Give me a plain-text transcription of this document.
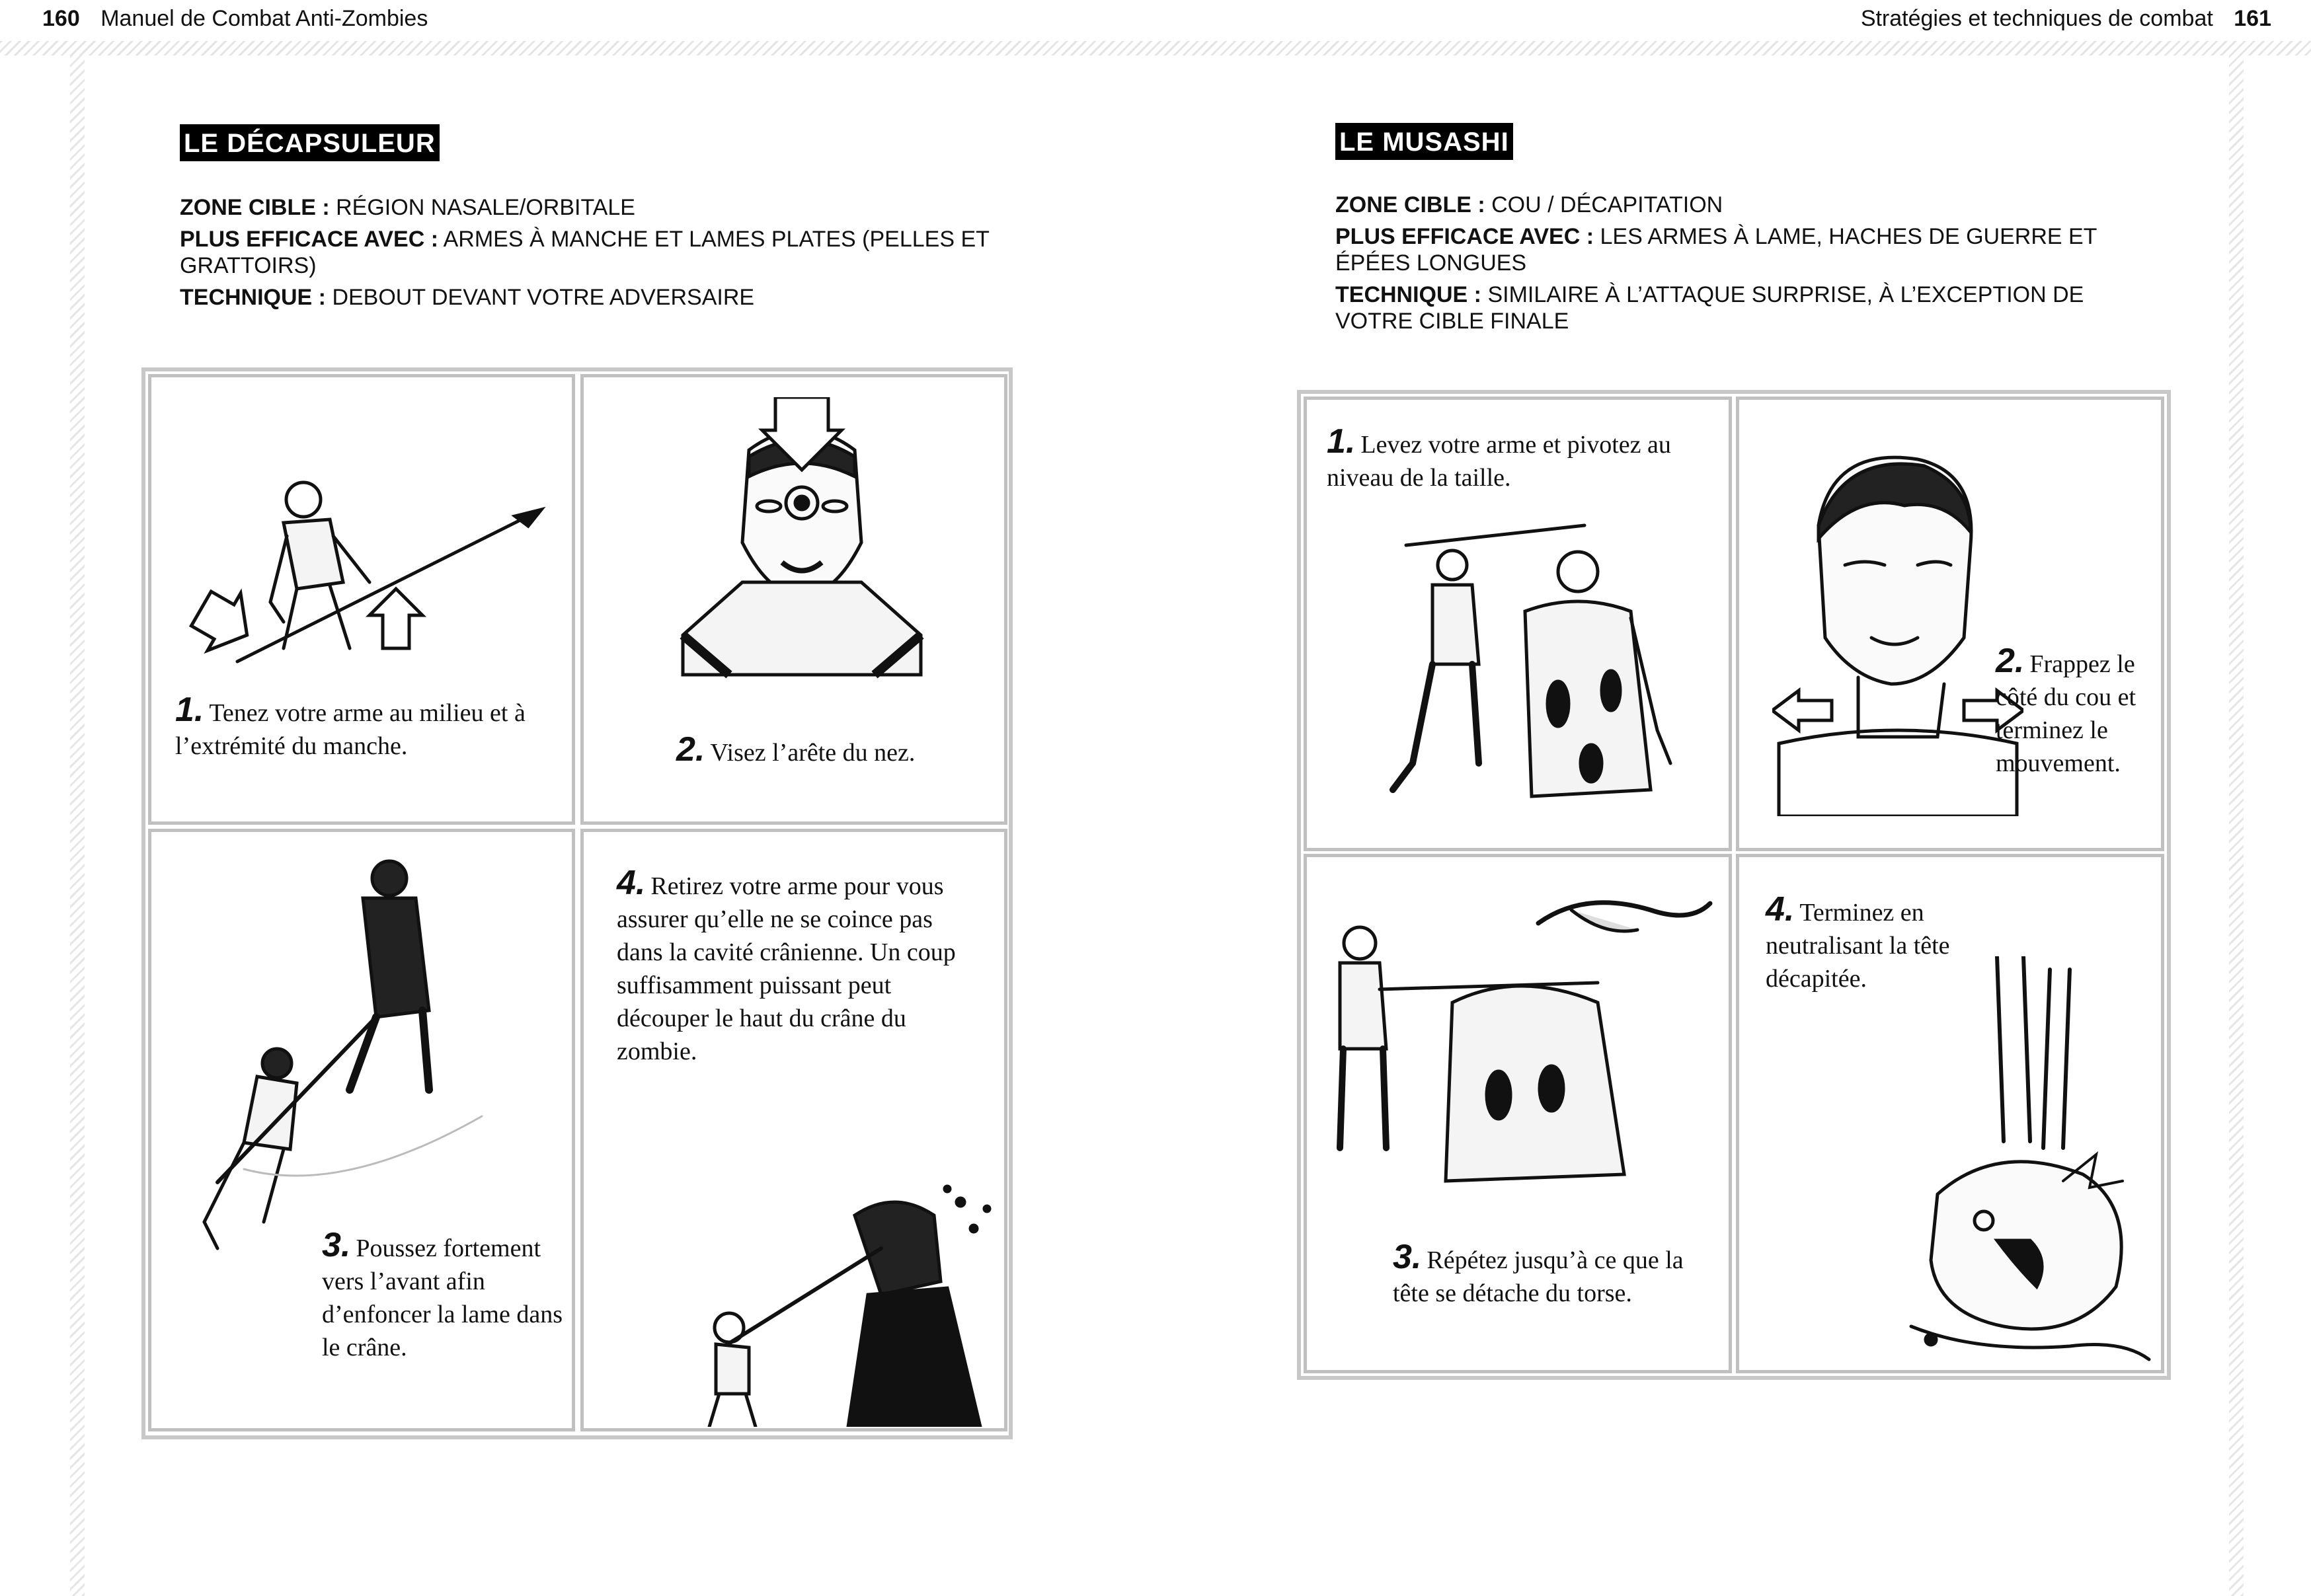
160 Manuel de Combat Anti-Zombies	Stratégies et techniques de combat 161
LE DÉCAPSULEUR

ZONE CIBLE : RÉGION NASALE/ORBITALE

PLUS EFFICACE AVEC : ARMES À MANCHE ET LAMES PLATES (PELLES ET GRATTOIRS)

TECHNIQUE : DEBOUT DEVANT VOTRE ADVERSAIRE

1. Tenez votre arme au milieu et à l’extrémité du manche.	2. Visez l’arête du nez.
3. Poussez fortement vers l’avant afin d’enfoncer la lame dans le crâne.
4. Retirez votre arme pour vous assurer qu’elle ne se coince pas dans la cavité crânienne. Un coup suffisamment puissant peut découper le haut du crâne du zombie.
LE MUSASHI

ZONE CIBLE : COU / DÉCAPITATION

PLUS EFFICACE AVEC : LES ARMES À LAME, HACHES DE GUERRE ET ÉPÉES LONGUES

TECHNIQUE : SIMILAIRE À L’ATTAQUE SURPRISE, À L’EXCEPTION DE VOTRE CIBLE FINALE

1. Levez votre arme et pivotez au niveau de la taille.
2. Frappez le côté du cou et terminez le mouvement.
3. Répétez jusqu’à ce que la tête se détache du torse.
4. Terminez en neutralisant la tête décapitée.
